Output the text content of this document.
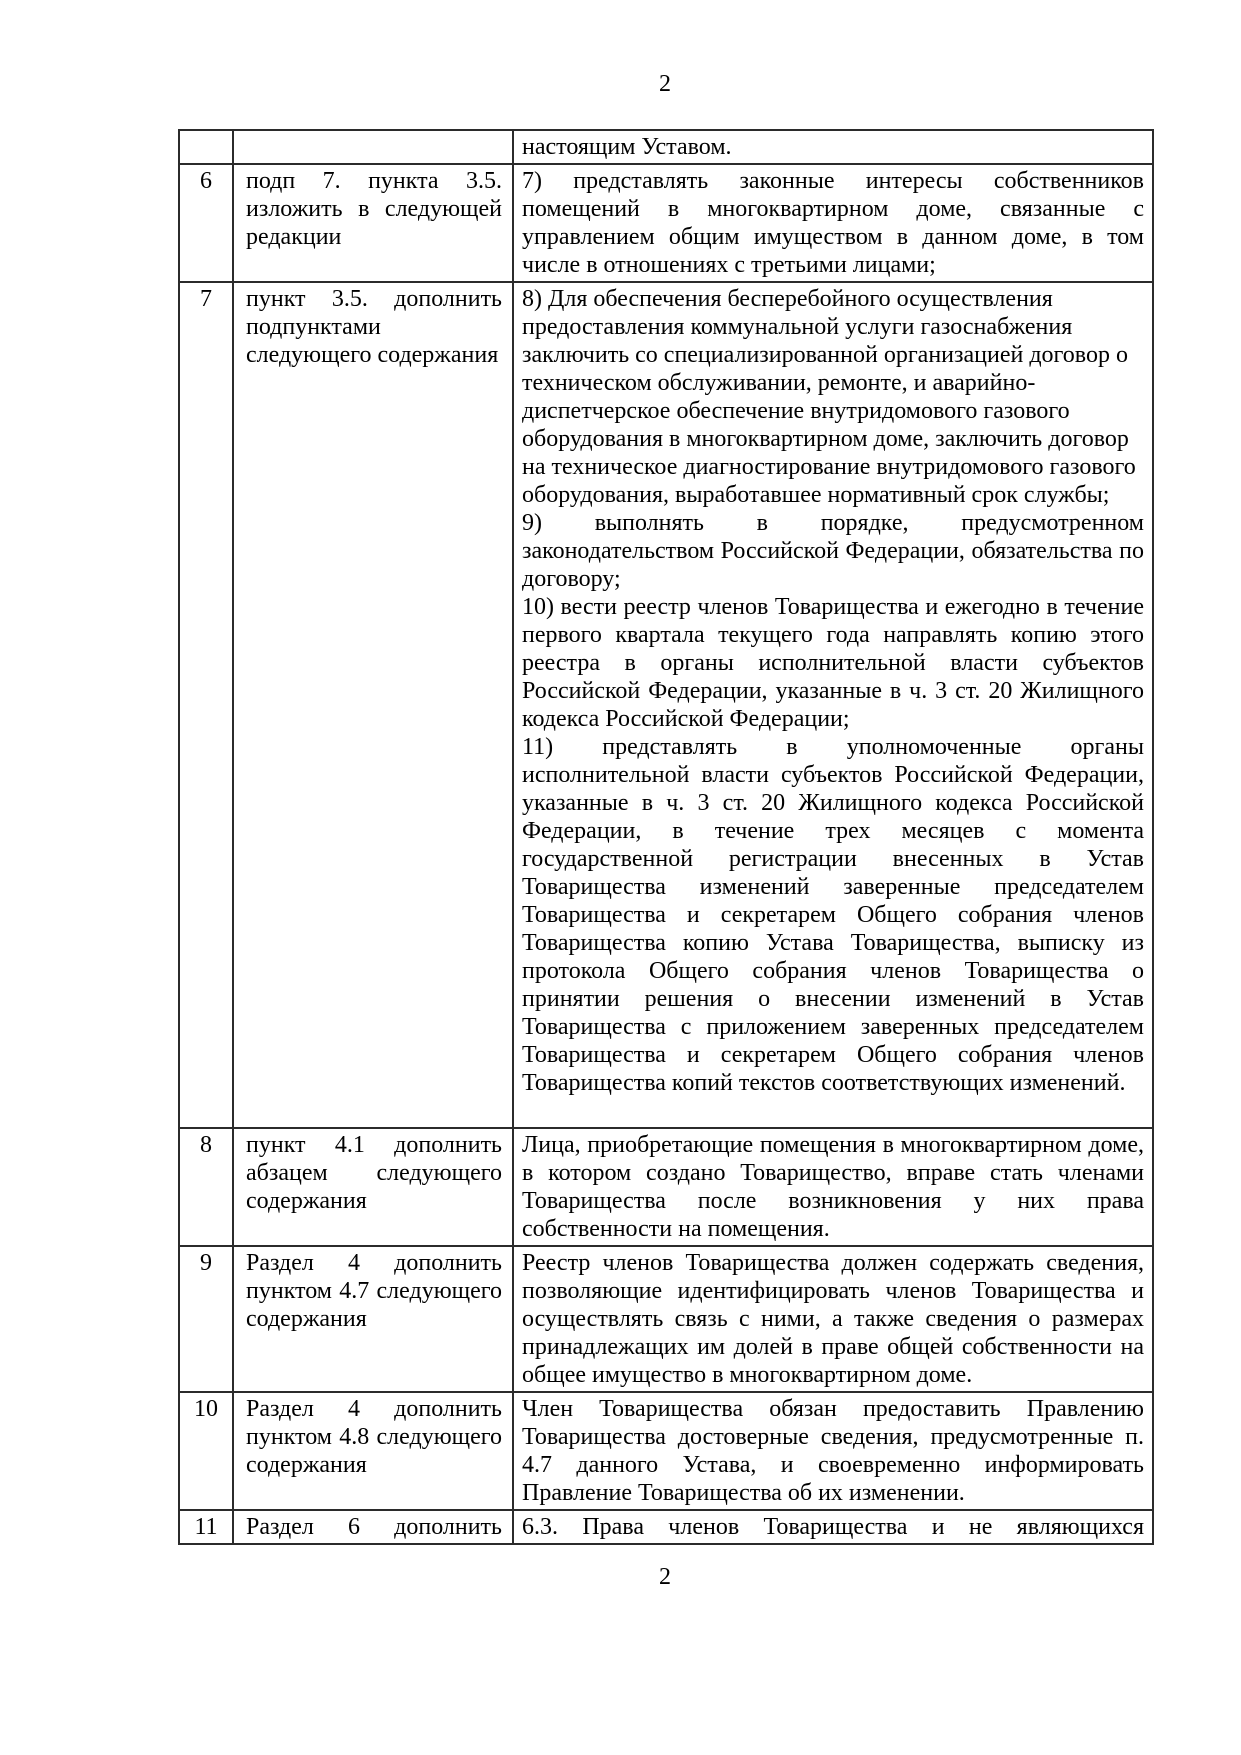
2

		настоящим Уставом.

6	подп 7. пункта 3.5. изложить в следующей редакции	7) представлять законные интересы собственников помещений в многоквартирном доме, связанные с управлением общим имуществом в данном доме, в том числе в отношениях с третьими лицами;

7	пункт 3.5. дополнить подпунктами следующего содержания	8) Для обеспечения бесперебойного осуществления предоставления коммунальной услуги газоснабжения заключить со специализированной организацией договор о техническом обслуживании, ремонте, и аварийно-диспетчерское обеспечение внутридомового газового оборудования в многоквартирном доме, заключить договор на техническое диагностирование внутридомового газового оборудования, выработавшее нормативный срок службы;

9) выполнять в порядке, предусмотренном законодательством Российской Федерации, обязательства по договору;

10) вести реестр членов Товарищества и ежегодно в течение первого квартала текущего года направлять копию этого реестра в органы исполнительной власти субъектов Российской Федерации, указанные в ч. 3 ст. 20 Жилищного кодекса Российской Федерации;

11) представлять в уполномоченные органы исполнительной власти субъектов Российской Федерации, указанные в ч. 3 ст. 20 Жилищного кодекса Российской Федерации, в течение трех месяцев с момента государственной регистрации внесенных в Устав Товарищества изменений заверенные председателем Товарищества и секретарем Общего собрания членов Товарищества копию Устава Товарищества, выписку из протокола Общего собрания членов Товарищества о принятии решения о внесении изменений в Устав Товарищества с приложением заверенных председателем Товарищества и секретарем Общего собрания членов Товарищества копий текстов соответствующих изменений.

8	пункт 4.1 дополнить абзацем следующего содержания	Лица, приобретающие помещения в многоквартирном доме, в котором создано Товарищество, вправе стать членами Товарищества после возникновения у них права собственности на помещения.

9	Раздел 4 дополнить пунктом 4.7 следующего содержания	Реестр членов Товарищества должен содержать сведения, позволяющие идентифицировать членов Товарищества и осуществлять связь с ними, а также сведения о размерах принадлежащих им долей в праве общей собственности на общее имущество в многоквартирном доме.

10	Раздел 4 дополнить пунктом 4.8 следующего содержания	Член Товарищества обязан предоставить Правлению Товарищества достоверные сведения, предусмотренные п. 4.7 данного Устава, и своевременно информировать Правление Товарищества об их изменении.

11	Раздел 6 дополнить	6.3. Права членов Товарищества и не являющихся

2
